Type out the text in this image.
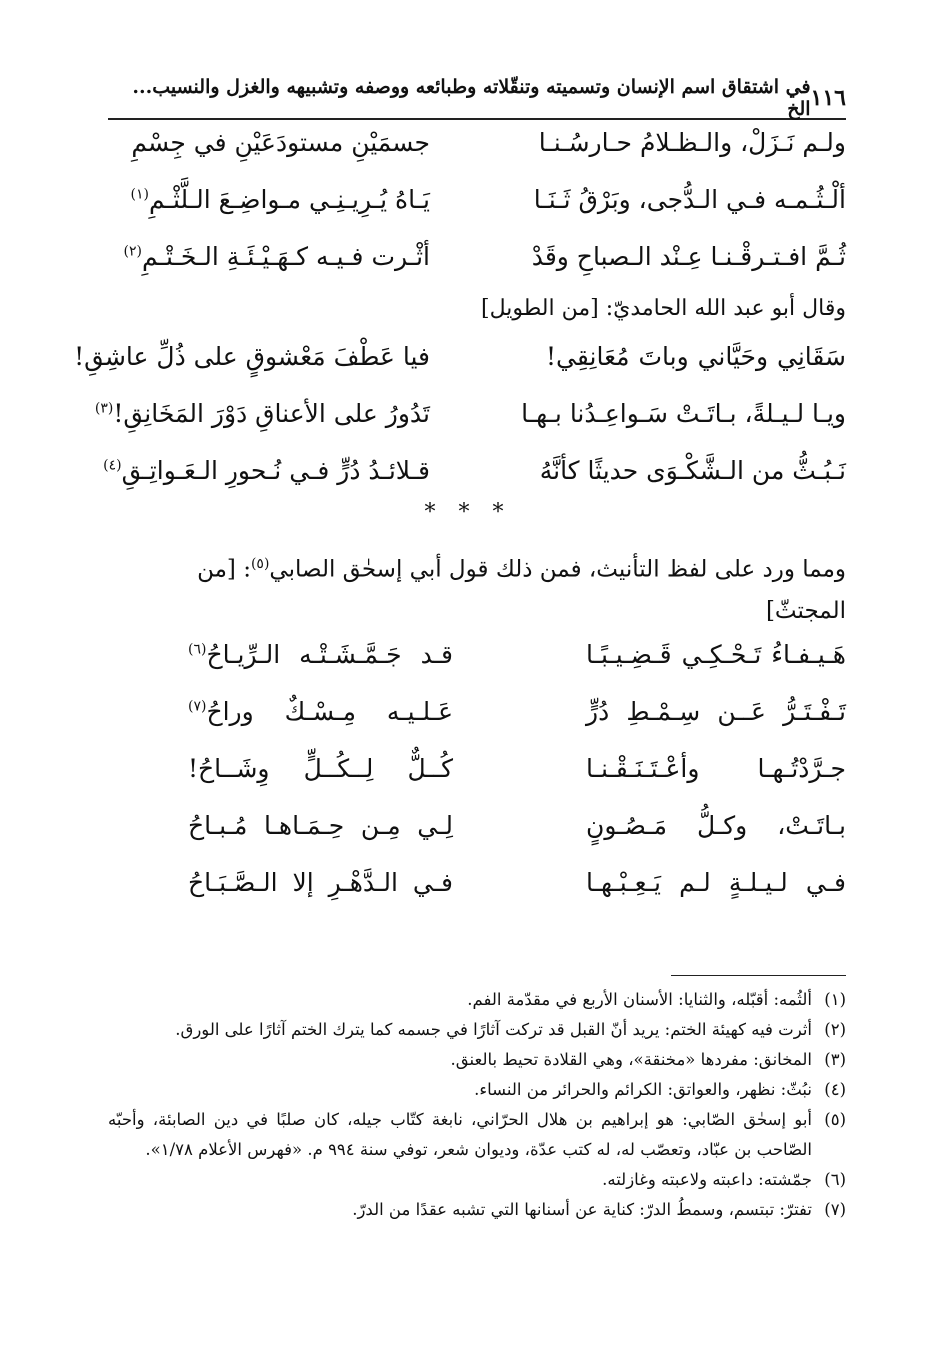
١١٦
في اشتقاق اسم الإنسان وتسميته وتنقّلاته وطبائعه ووصفه وتشبيهه والغزل والنسيب... الخ
ولـم نَـزَلْ، والـظـلامُ حـارسُـنـا
جسمَيْنِ مستودَعَيْنِ في جِسْمِ
ألْـثُـمـه فـي الـدُّجى، وبَرْقُ ثَـنَـا
يَـاهُ يُـرِيـنِـي مـواضِـعَ الـلَّثْـمِ$^{(١)}$
ثُـمَّ افـتـرقْـنـا عِـنْد الـصباحِ وقَدْ
أثْـرت فـيـه كـهَـيْـئَـةِ الـخَـتْـمِ$^{(٢)}$
وقال أبو عبد الله الحامديّ: [من الطويل]
سَقَانِي وحَيَّاني وباتَ مُعَانِقِي!
فيا عَطْفَ مَعْشوقٍ على ذُلِّ عاشِقِ!
ويـا لـيـلةً، بـاتَـتْ سَـواعِـدُنا بـهـا
تَدُورُ على الأعناقِ دَوْرَ المَخَانِقِ!$^{(٣)}$
نَـبُـثُّ من الـشَّكْـوَى حديثًا كأنَّهُ
قـلائـدُ دُرٍّ فـي نُـحورِ الـعَـواتِـقِ$^{(٤)}$
* * *
ومما ورد على لفظ التأنيث، فمن ذلك قول أبي إسحٰق الصابي$^{(٥)}$: [من
المجتثّ]
هَـيـفـاءُ تَـحْـكِـي قَـضِـيـبًـا
قـد جَـمَّـشَـتْـه الـرِّيـاحُ$^{(٦)}$
تَـفْـتَـرُّ عَــن سِـمْـطِ دُرٍّ
عَـلـيـه مِـسْـكٌ وراحُ$^{(٧)}$
جـرَّدْتُـهـا وأعْـتَـنَـقْـنـا
كُــلٌّ لِــكُــلٍّ وِشَــاحُ!
بـاتَـتْ، وكـلُّ مَـصُـونٍ
لِـي مِـن حِـمَـاهـا مُـبـاحُ
فـي لـيـلـةٍ لـم يَـعِـبْـهـا
فـي الـدَّهْـرِ إلا الـصَّـبَـاحُ
(١)
ألثُمه: أقبّله، والثنايا: الأسنان الأربع في مقدّمة الفم.
(٢)
أثرت فيه كهيئة الختم: يريد أنّ القبل قد تركت آثارًا في جسمه كما يترك الختم آثارًا على الورق.
(٣)
المخانق: مفردها «مخنقة»، وهي القلادة تحيط بالعنق.
(٤)
نبُثّ: نظهر، والعواتق: الكرائم والحرائر من النساء.
(٥)
أبو إسحٰق الصّابي: هو إبراهيم بن هلال الحرّاني، نابغة كتّاب جيله، كان صلبًا في دين الصابئة، وأحبّه الصّاحب بن عبّاد، وتعصّب له، له كتب عدّة، وديوان شعر، توفي سنة ٩٩٤ م. «فهرس الأعلام ١/٧٨».
(٦)
جمّشته: داعبته ولاعبته وغازلته.
(٧)
تفترّ: تبتسم، وسمطُ الدرّ: كناية عن أسنانها التي تشبه عقدًا من الدرّ.
